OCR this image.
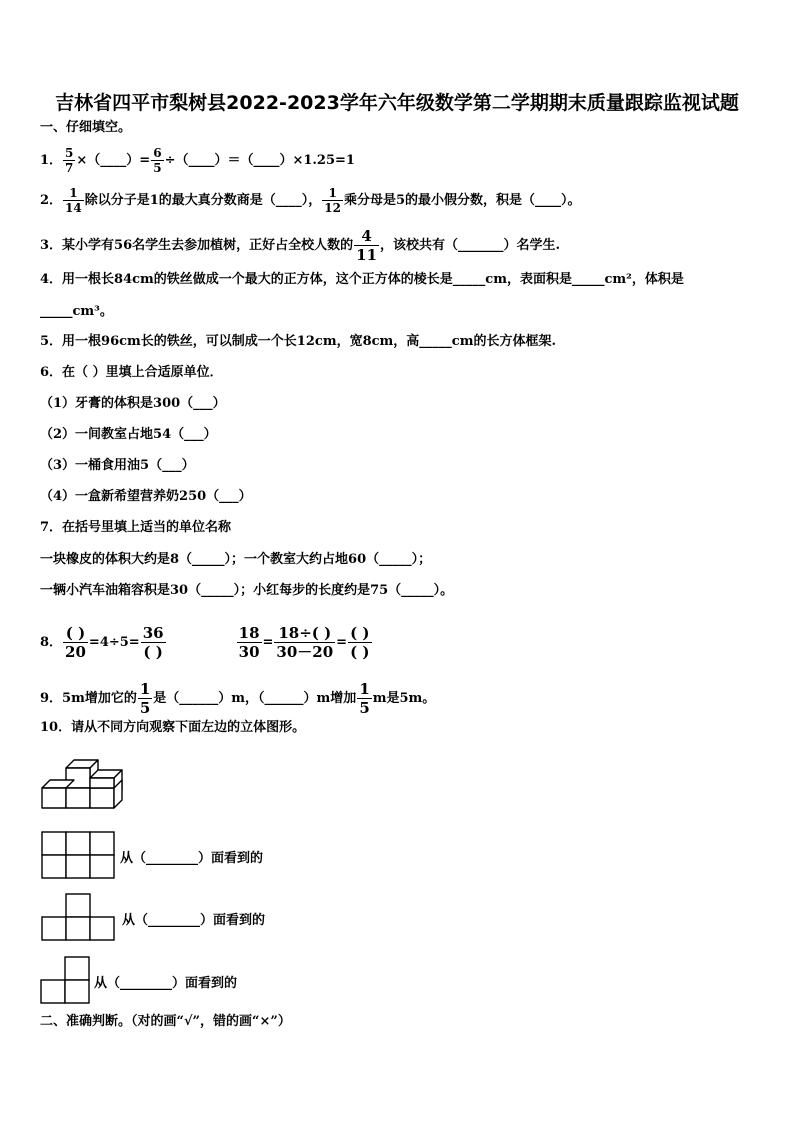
吉林省四平市梨树县2022-2023学年六年级数学第二学期期末质量跟踪监视试题
一、仔细填空。
1． $\frac{5}{7}$ ×（____）= $\frac{6}{5}$ ÷（____）＝（____）×1.25=1
2． $\frac{1}{14}$ 除以分子是1的最大真分数商是（____）， $\frac{1}{12}$ 乘分母是5的最小假分数，积是（____）。
3．某小学有56名学生去参加植树，正好占全校人数的 $\frac{4}{11}$ ，该校共有（_______）名学生.
4．用一根长84cm的铁丝做成一个最大的正方体，这个正方体的棱长是_____cm，表面积是_____cm²，体积是
_____cm³。
5．用一根96cm长的铁丝，可以制成一个长12cm，宽8cm，高_____cm的长方体框架.
6．在（ ）里填上合适原单位．
（1）牙膏的体积是300（___）
（2）一间教室占地54（___）
（3）一桶食用油5（___）
（4）一盒新希望营养奶250（___）
7．在括号里填上适当的单位名称
一块橡皮的体积大约是8（_____）；一个教室大约占地60（_____）；
一辆小汽车油箱容积是30（_____）；小红每步的长度约是75（_____）。
8． $\frac{( )}{20} =4\div 5= \frac{36}{( )}$
	$\frac{18}{30} = \frac{18\div( )}{30-20} = \frac{( )}{( )}$
9．5m增加它的 $\frac{1}{5}$ 是（______）m，（______）m增加 $\frac{1}{5}$ m是5m。
10．请从不同方向观察下面左边的立体图形。
从（________）面看到的
从（________）面看到的
从（________）面看到的
二、准确判断。（对的画“√”，错的画“×”）
